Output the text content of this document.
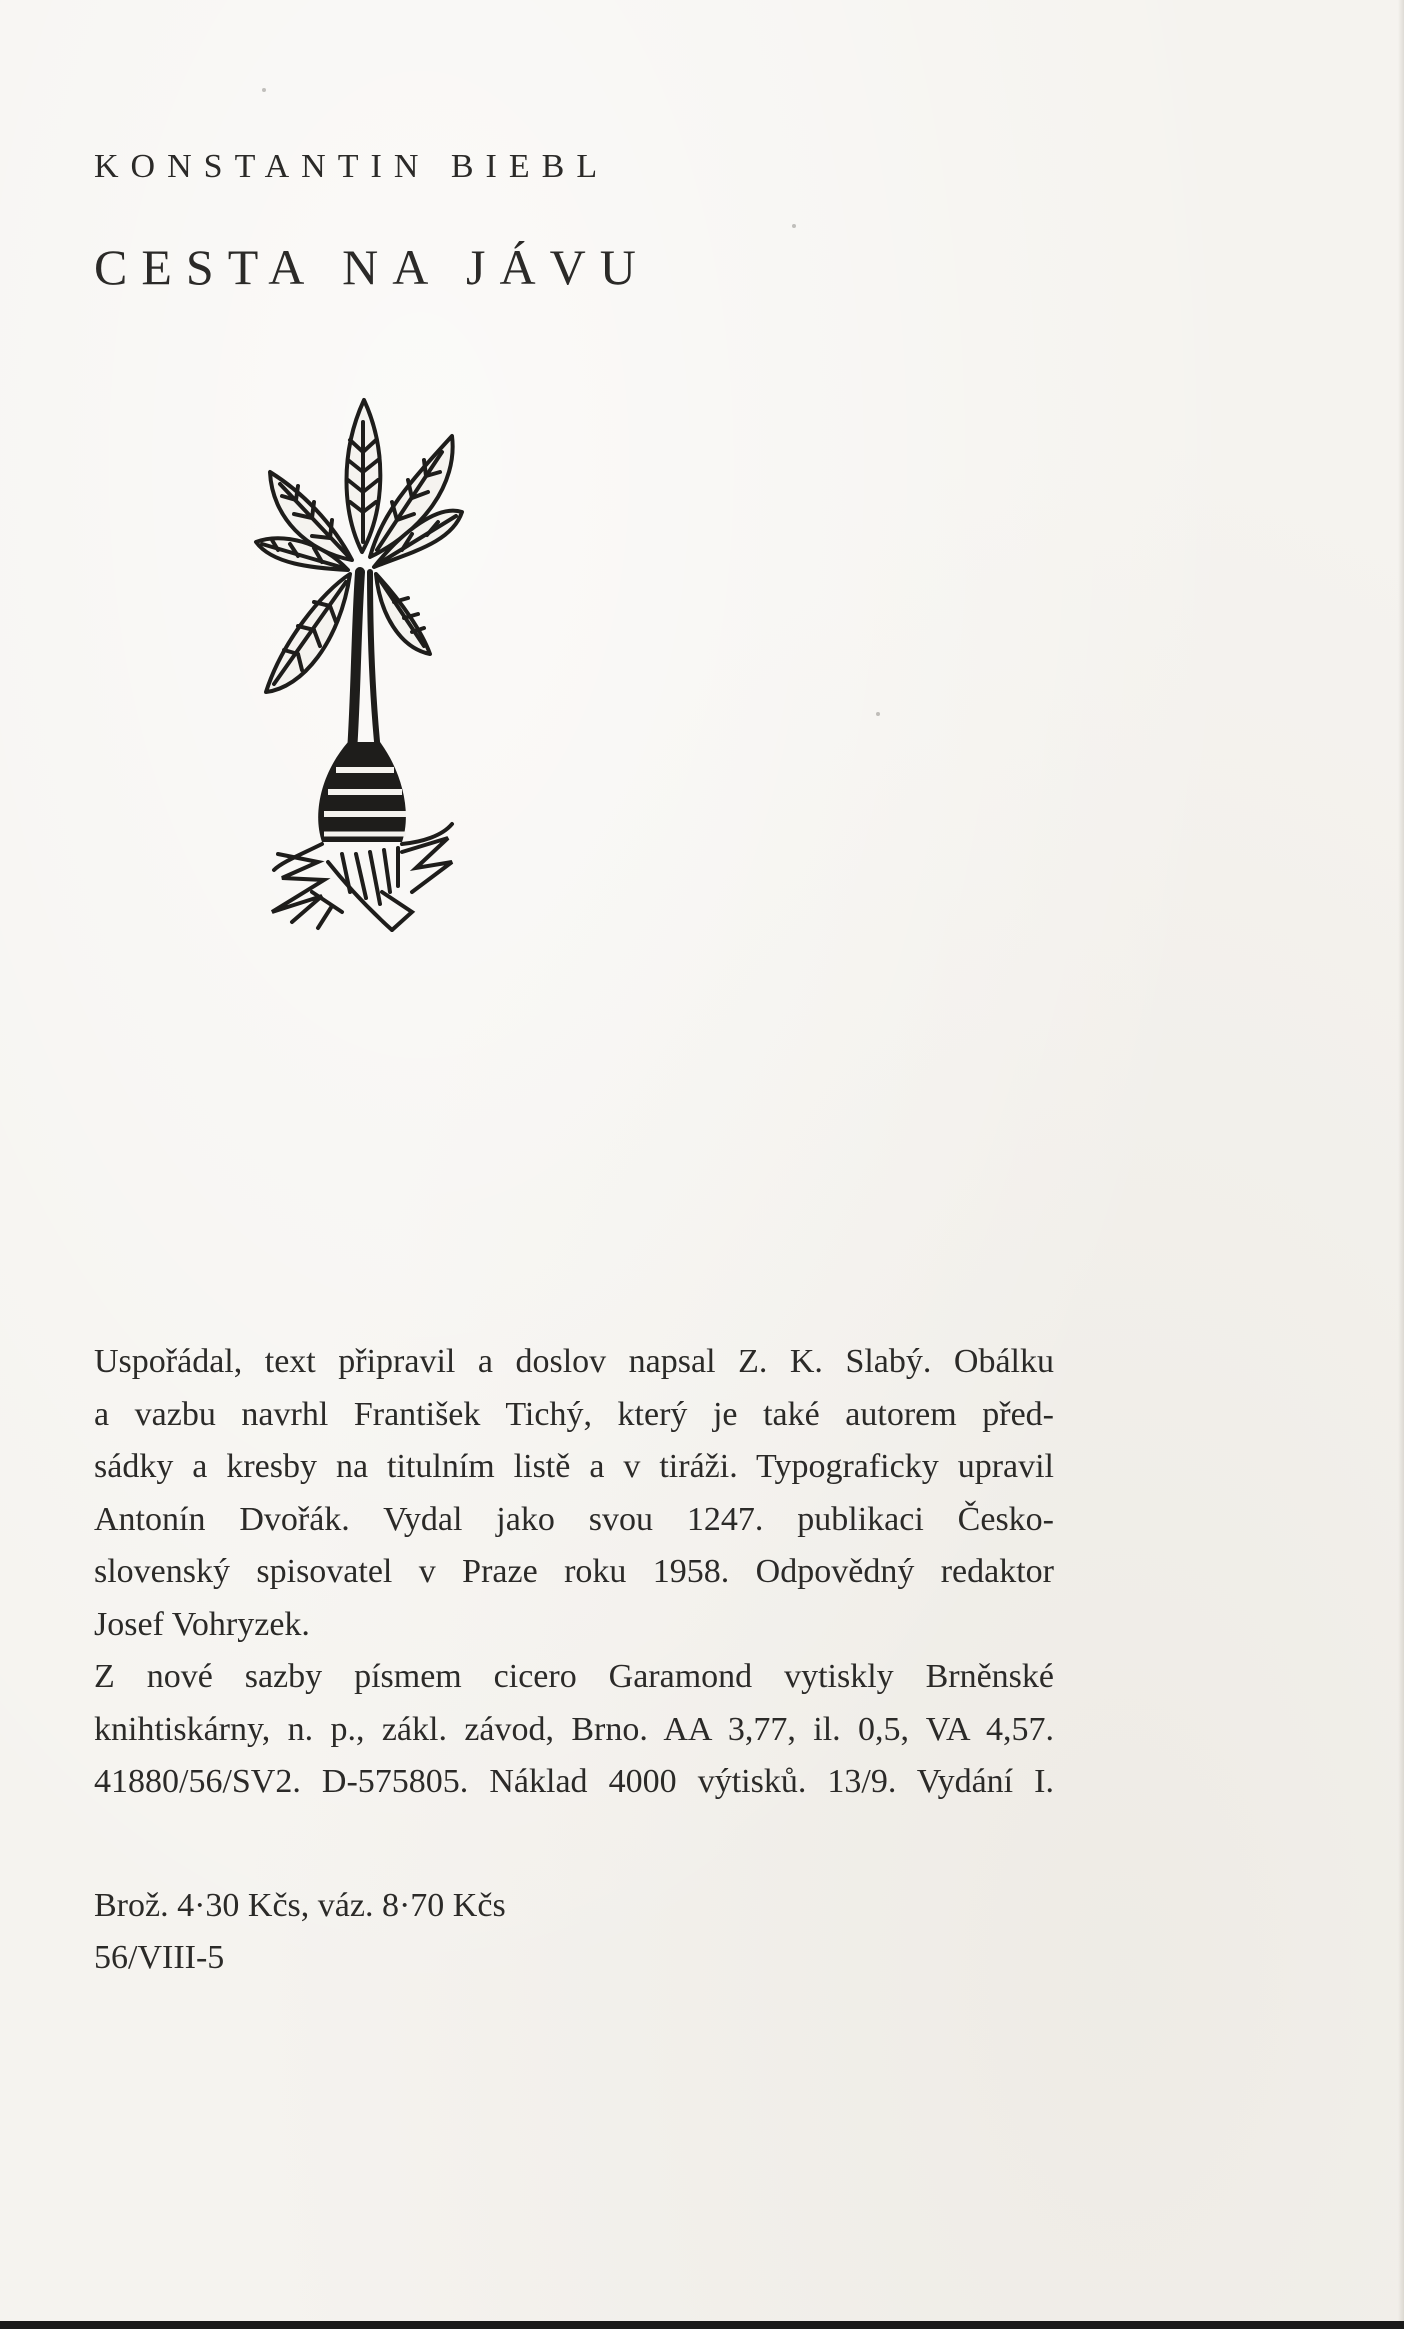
KONSTANTIN BIEBL
CESTA NA JÁVU
Uspořádal, text připravil a doslov napsal Z. K. Slabý. Obálku
a vazbu navrhl František Tichý, který je také autorem před-
sádky a kresby na titulním listě a v tiráži. Typograficky upravil
Antonín Dvořák. Vydal jako svou 1247. publikaci Česko-
slovenský spisovatel v Praze roku 1958. Odpovědný redaktor
Josef Vohryzek.
Z nové sazby písmem cicero Garamond vytiskly Brněnské
knihtiskárny, n. p., zákl. závod, Brno. AA 3,77, il. 0,5, VA 4,57.
41880/56/SV2. D-575805. Náklad 4000 výtisků. 13/9. Vydání I.
Brož. 4·30 Kčs, váz. 8·70 Kčs
56/VIII-5
